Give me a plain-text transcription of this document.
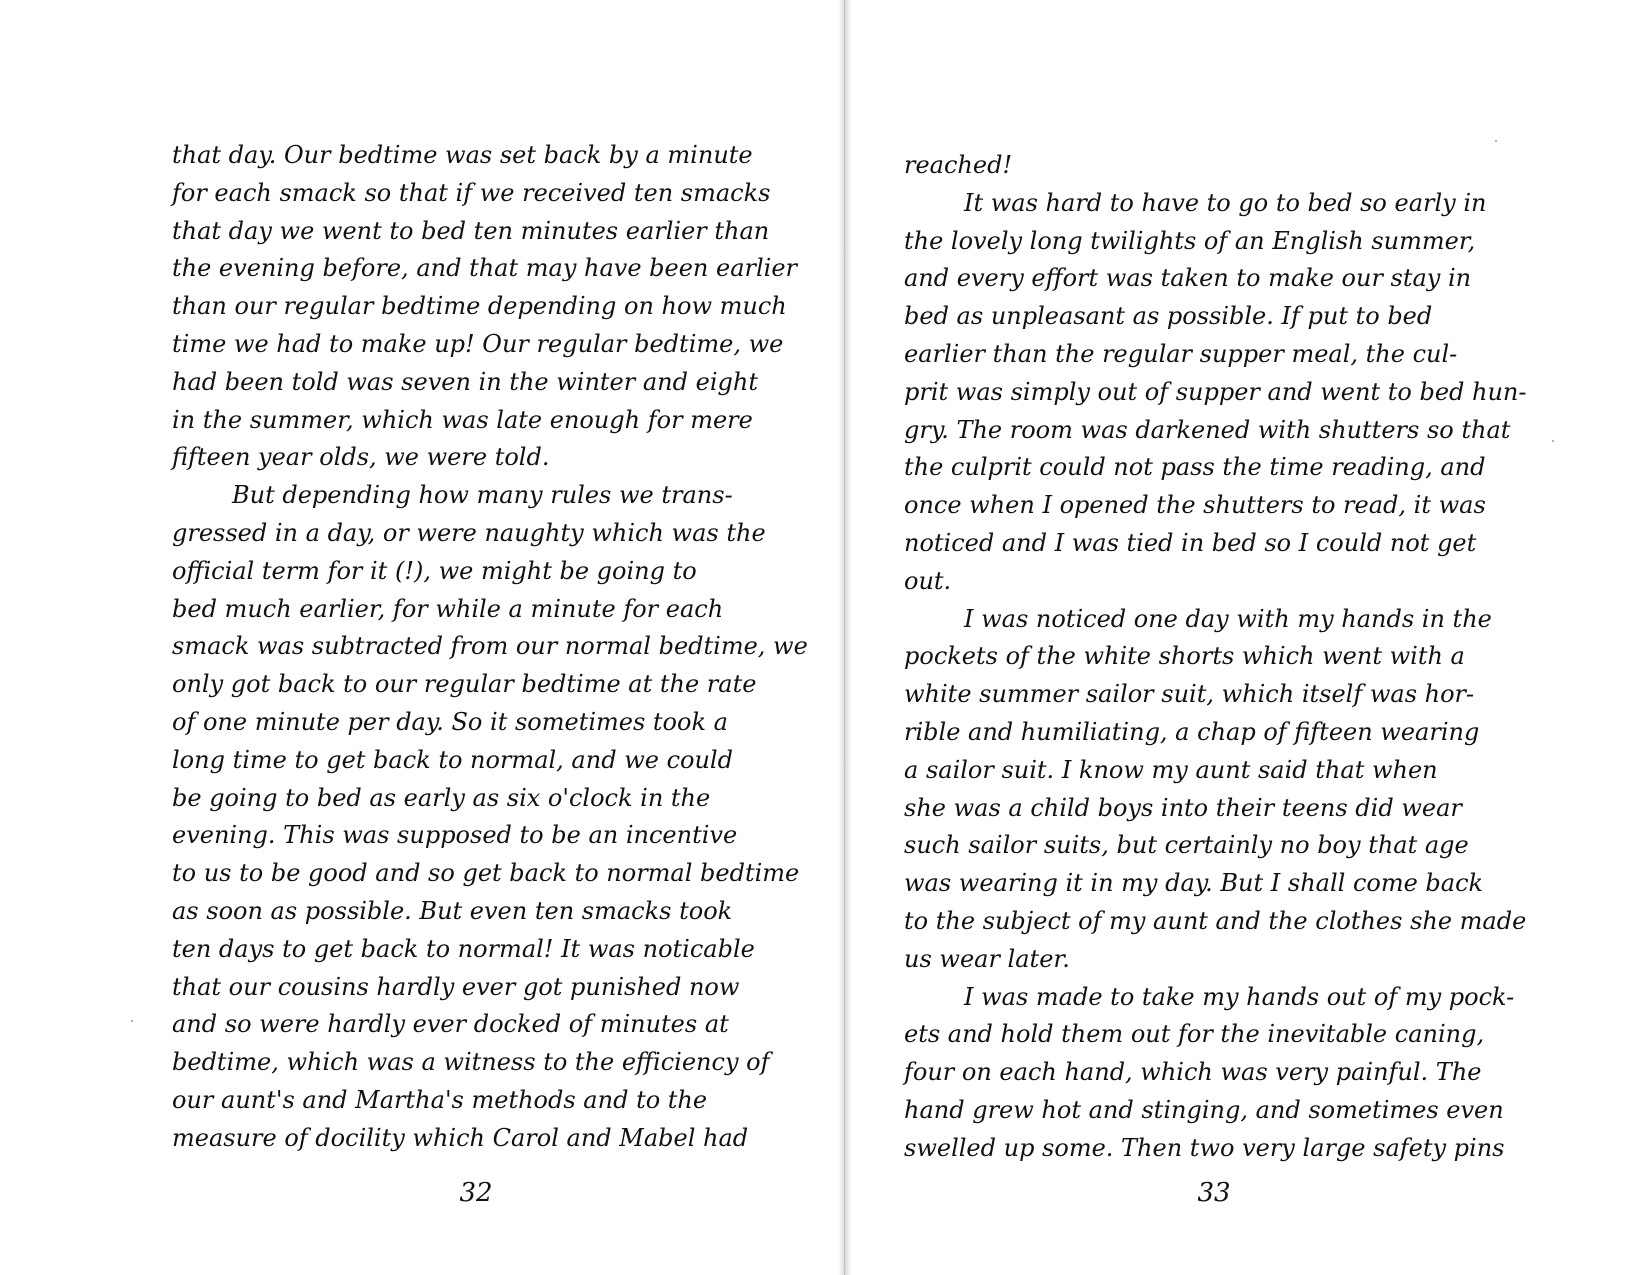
that day. Our bedtime was set back by a minute
for each smack so that if we received ten smacks
that day we went to bed ten minutes earlier than
the evening before, and that may have been earlier
than our regular bedtime depending on how much
time we had to make up! Our regular bedtime, we
had been told was seven in the winter and eight
in the summer, which was late enough for mere
fifteen year olds, we were told.
But depending how many rules we trans-
gressed in a day, or were naughty which was the
official term for it (!), we might be going to
bed much earlier, for while a minute for each
smack was subtracted from our normal bedtime, we
only got back to our regular bedtime at the rate
of one minute per day. So it sometimes took a
long time to get back to normal, and we could
be going to bed as early as six o'clock in the
evening. This was supposed to be an incentive
to us to be good and so get back to normal bedtime
as soon as possible. But even ten smacks took
ten days to get back to normal! It was noticable
that our cousins hardly ever got punished now
and so were hardly ever docked of minutes at
bedtime, which was a witness to the efficiency of
our aunt's and Martha's methods and to the
measure of docility which Carol and Mabel had
32
reached!
It was hard to have to go to bed so early in
the lovely long twilights of an English summer,
and every effort was taken to make our stay in
bed as unpleasant as possible. If put to bed
earlier than the regular supper meal, the cul-
prit was simply out of supper and went to bed hun-
gry. The room was darkened with shutters so that
the culprit could not pass the time reading, and
once when I opened the shutters to read, it was
noticed and I was tied in bed so I could not get
out.
I was noticed one day with my hands in the
pockets of the white shorts which went with a
white summer sailor suit, which itself was hor-
rible and humiliating, a chap of fifteen wearing
a sailor suit. I know my aunt said that when
she was a child boys into their teens did wear
such sailor suits, but certainly no boy that age
was wearing it in my day. But I shall come back
to the subject of my aunt and the clothes she made
us wear later.
I was made to take my hands out of my pock-
ets and hold them out for the inevitable caning,
four on each hand, which was very painful. The
hand grew hot and stinging, and sometimes even
swelled up some. Then two very large safety pins
33
